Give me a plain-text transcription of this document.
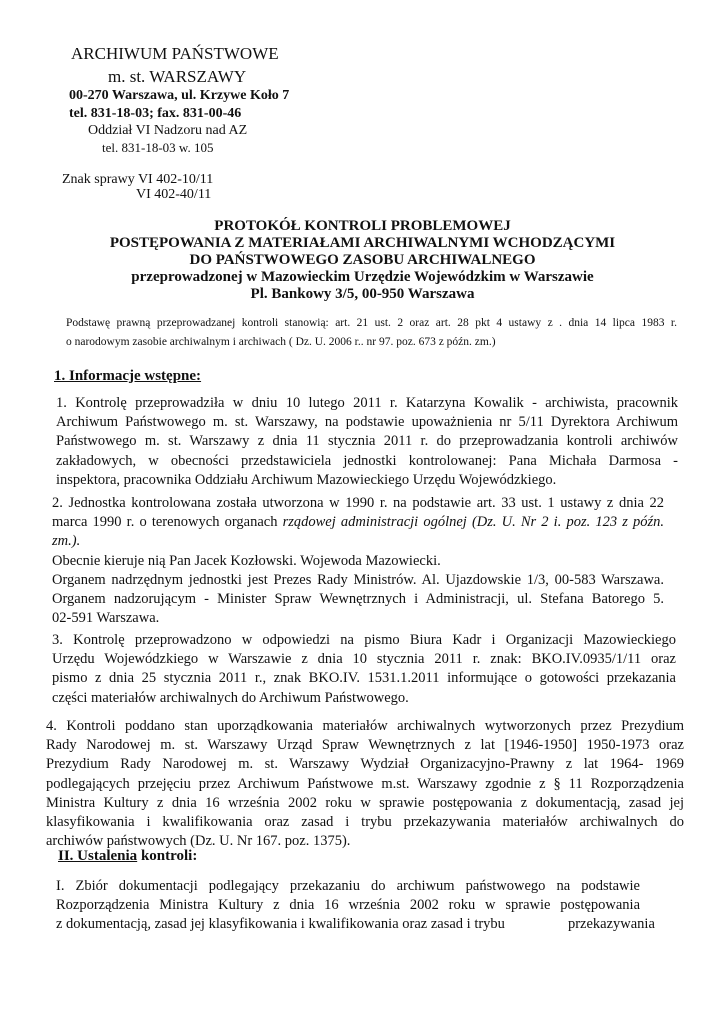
ARCHIWUM PAŃSTWOWE
m. st. WARSZAWY
00-270 Warszawa, ul. Krzywe Koło 7
tel. 831-18-03; fax. 831-00-46
Oddział VI Nadzoru nad AZ
tel. 831-18-03 w. 105
Znak sprawy VI 402-10/11
VI 402-40/11
PROTOKÓŁ KONTROLI PROBLEMOWEJ
POSTĘPOWANIA Z MATERIAŁAMI ARCHIWALNYMI WCHODZĄCYMI
DO PAŃSTWOWEGO ZASOBU ARCHIWALNEGO
przeprowadzonej w Mazowieckim Urzędzie Wojewódzkim w Warszawie
Pl. Bankowy 3/5, 00-950 Warszawa
Podstawę prawną przeprowadzanej kontroli stanowią: art. 21 ust. 2 oraz art. 28 pkt 4 ustawy z . dnia 14 lipca 1983 r.
o narodowym zasobie archiwalnym i archiwach ( Dz. U. 2006 r.. nr 97. poz. 673 z późn. zm.)
1. Informacje wstępne:
1. Kontrolę przeprowadziła w dniu 10 lutego 2011 r. Katarzyna Kowalik - archiwista, pracownik
Archiwum Państwowego m. st. Warszawy, na podstawie upoważnienia nr 5/11 Dyrektora Archiwum
Państwowego m. st. Warszawy z dnia 11 stycznia 2011 r. do przeprowadzania kontroli archiwów
zakładowych, w obecności przedstawiciela jednostki kontrolowanej: Pana Michała Darmosa -
inspektora, pracownika Oddziału Archiwum Mazowieckiego Urzędu Wojewódzkiego.
2. Jednostka kontrolowana została utworzona w 1990 r. na podstawie art. 33 ust. 1 ustawy z dnia 22
marca 1990 r. o terenowych organach rządowej administracji ogólnej (Dz. U. Nr 2 i. poz. 123 z późn.
zm.).
Obecnie kieruje nią Pan Jacek Kozłowski. Wojewoda Mazowiecki.
Organem nadrzędnym jednostki jest Prezes Rady Ministrów. Al. Ujazdowskie 1/3, 00-583 Warszawa.
Organem nadzorującym - Minister Spraw Wewnętrznych i Administracji, ul. Stefana Batorego 5.
02-591 Warszawa.
3. Kontrolę przeprowadzono w odpowiedzi na pismo Biura Kadr i Organizacji Mazowieckiego
Urzędu Wojewódzkiego w Warszawie z dnia 10 stycznia 2011 r. znak: BKO.IV.0935/1/11 oraz
pismo z dnia 25 stycznia 2011 r., znak BKO.IV. 1531.1.2011 informujące o gotowości przekazania
części materiałów archiwalnych do Archiwum Państwowego.
4. Kontroli poddano stan uporządkowania materiałów archiwalnych wytworzonych przez Prezydium
Rady Narodowej m. st. Warszawy Urząd Spraw Wewnętrznych z lat [1946-1950] 1950-1973 oraz
Prezydium Rady Narodowej m. st. Warszawy Wydział Organizacyjno-Prawny z lat 1964- 1969
podlegających przejęciu przez Archiwum Państwowe m.st. Warszawy zgodnie z § 11 Rozporządzenia
Ministra Kultury z dnia 16 września 2002 roku w sprawie postępowania z dokumentacją, zasad jej
klasyfikowania i kwalifikowania oraz zasad i trybu przekazywania materiałów archiwalnych do
archiwów państwowych (Dz. U. Nr 167. poz. 1375).
II. Ustalenia kontroli:
I. Zbiór dokumentacji podlegający przekazaniu do archiwum państwowego na podstawie
Rozporządzenia Ministra Kultury z dnia 16 września 2002 roku w sprawie postępowania
z dokumentacją, zasad jej klasyfikowania i kwalifikowania oraz zasad i trybu	przekazywania
